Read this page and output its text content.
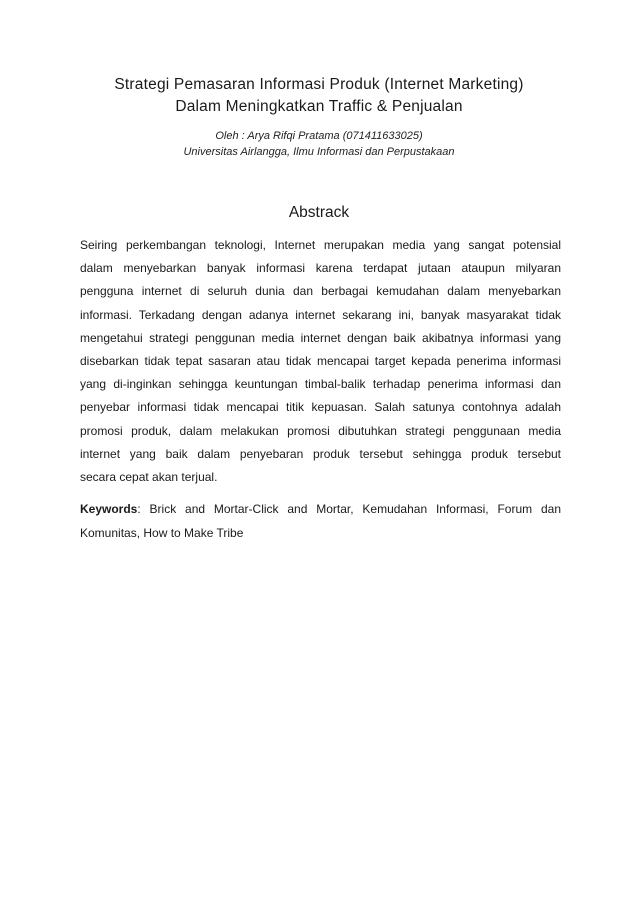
Strategi Pemasaran Informasi Produk (Internet Marketing)
Dalam Meningkatkan Traffic & Penjualan
Oleh : Arya Rifqi Pratama (071411633025)
Universitas Airlangga, Ilmu Informasi dan Perpustakaan
Abstrack
Seiring perkembangan teknologi, Internet merupakan media yang sangat potensial
dalam menyebarkan banyak informasi karena terdapat jutaan ataupun milyaran
pengguna internet di seluruh dunia dan berbagai kemudahan dalam menyebarkan
informasi. Terkadang dengan adanya internet sekarang ini, banyak masyarakat tidak
mengetahui strategi penggunan media internet dengan baik akibatnya informasi yang
disebarkan tidak tepat sasaran atau tidak mencapai target kepada penerima informasi
yang di-inginkan sehingga keuntungan timbal-balik terhadap penerima informasi dan
penyebar informasi tidak mencapai titik kepuasan. Salah satunya contohnya adalah
promosi produk, dalam melakukan promosi dibutuhkan strategi penggunaan media
internet yang baik dalam penyebaran produk tersebut sehingga produk tersebut
secara cepat akan terjual.
Keywords: Brick and Mortar-Click and Mortar, Kemudahan Informasi, Forum dan
Komunitas, How to Make Tribe
